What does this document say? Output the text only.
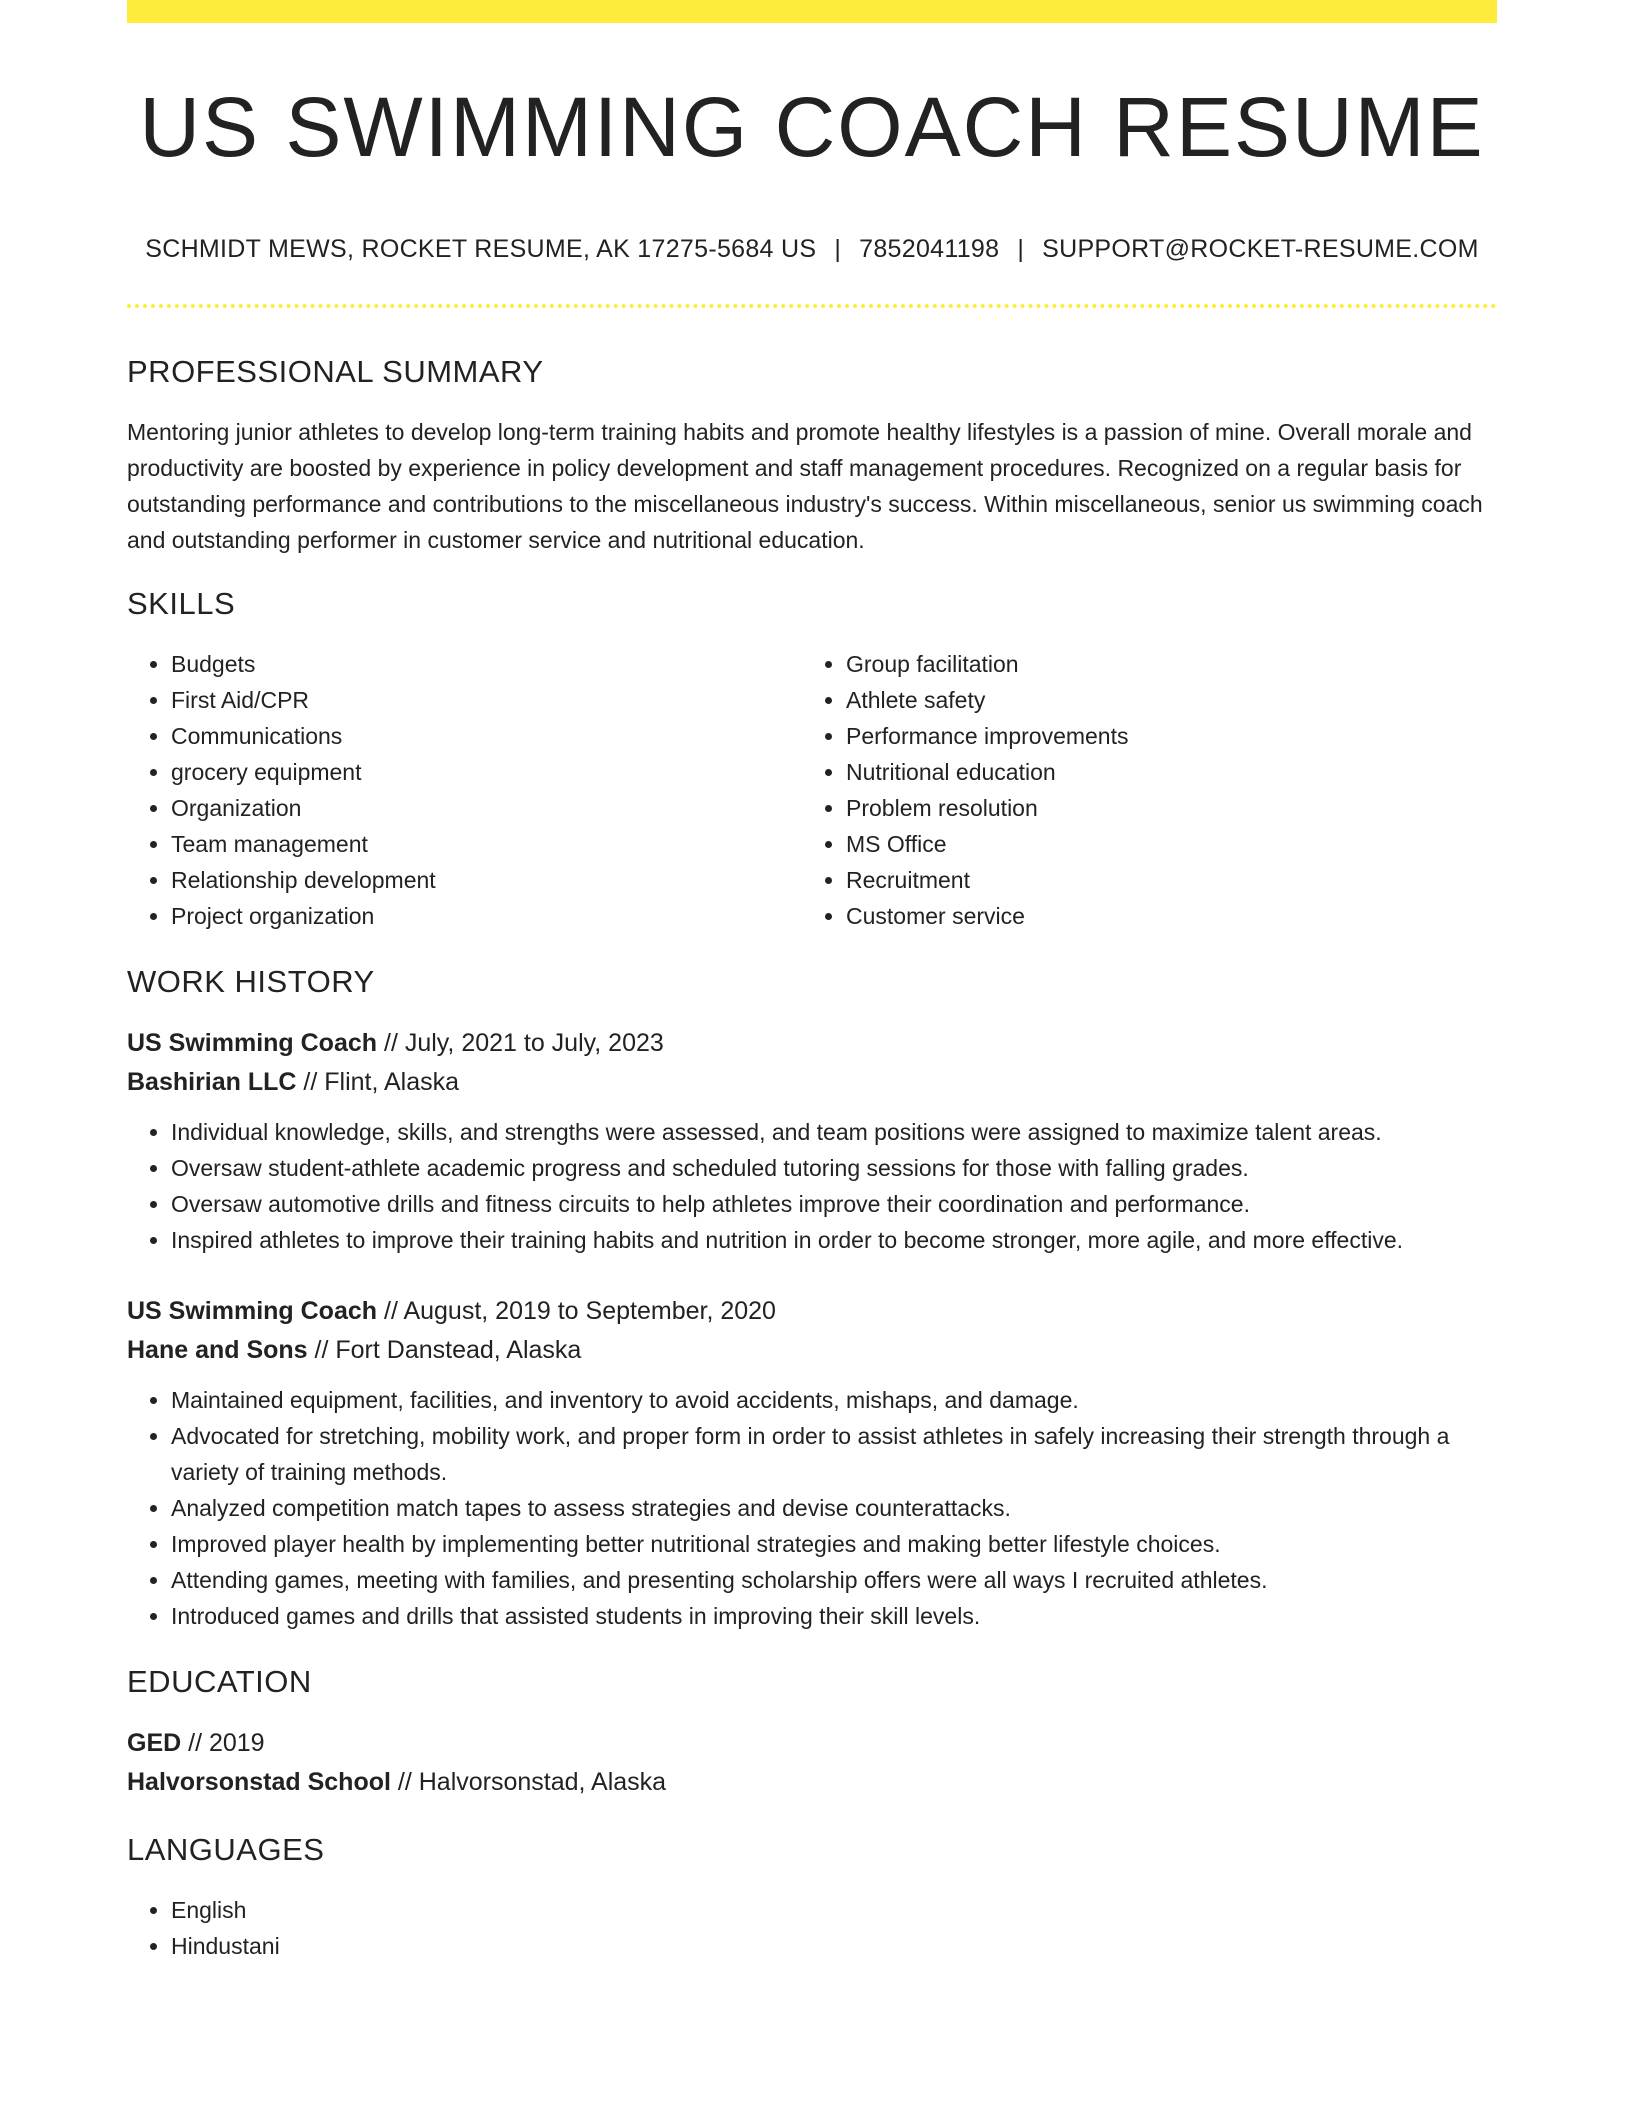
US SWIMMING COACH RESUME
SCHMIDT MEWS, ROCKET RESUME, AK 17275-5684 US | 7852041198 | SUPPORT@ROCKET-RESUME.COM
PROFESSIONAL SUMMARY

Mentoring junior athletes to develop long-term training habits and promote healthy lifestyles is a passion of mine. Overall morale and productivity are boosted by experience in policy development and staff management procedures. Recognized on a regular basis for outstanding performance and contributions to the miscellaneous industry's success. Within miscellaneous, senior us swimming coach and outstanding performer in customer service and nutritional education.

SKILLS
• Budgets
• First Aid/CPR
• Communications
• grocery equipment
• Organization
• Team management
• Relationship development
• Project organization
• Group facilitation
• Athlete safety
• Performance improvements
• Nutritional education
• Problem resolution
• MS Office
• Recruitment
• Customer service
WORK HISTORY
US Swimming Coach // July, 2021 to July, 2023
Bashirian LLC // Flint, Alaska
• Individual knowledge, skills, and strengths were assessed, and team positions were assigned to maximize talent areas.
• Oversaw student-athlete academic progress and scheduled tutoring sessions for those with falling grades.
• Oversaw automotive drills and fitness circuits to help athletes improve their coordination and performance.
• Inspired athletes to improve their training habits and nutrition in order to become stronger, more agile, and more effective.
US Swimming Coach // August, 2019 to September, 2020
Hane and Sons // Fort Danstead, Alaska
• Maintained equipment, facilities, and inventory to avoid accidents, mishaps, and damage.
• Advocated for stretching, mobility work, and proper form in order to assist athletes in safely increasing their strength through a variety of training methods.
• Analyzed competition match tapes to assess strategies and devise counterattacks.
• Improved player health by implementing better nutritional strategies and making better lifestyle choices.
• Attending games, meeting with families, and presenting scholarship offers were all ways I recruited athletes.
• Introduced games and drills that assisted students in improving their skill levels.
EDUCATION
GED // 2019
Halvorsonstad School // Halvorsonstad, Alaska
LANGUAGES
• English
• Hindustani
